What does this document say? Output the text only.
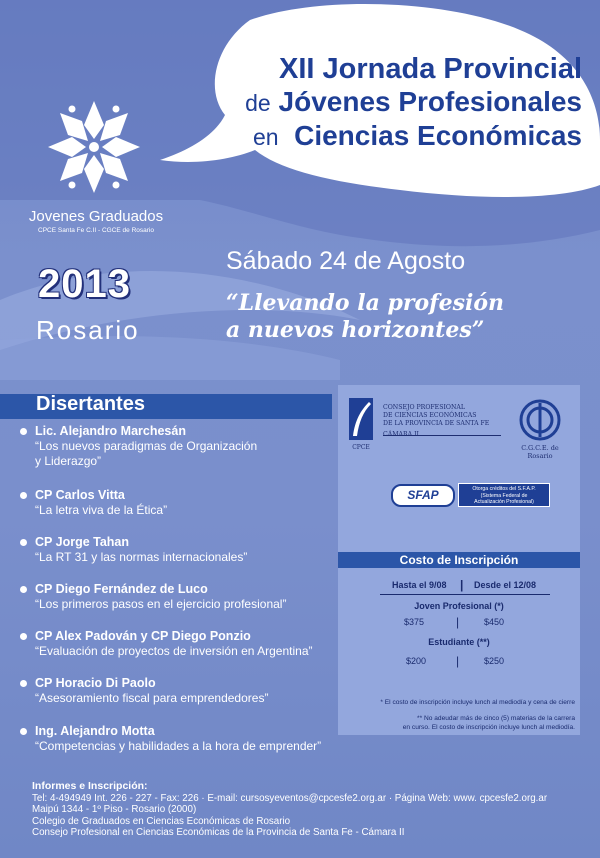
XII Jornada Provincial
de Jóvenes Profesionales
en Ciencias Económicas
Jovenes Graduados
CPCE Santa Fe C.II - CGCE de Rosario
2013
Rosario
Sábado 24 de Agosto
“Llevando la profesión
a nuevos horizontes”
Disertantes
Lic. Alejandro Marchesán
“Los nuevos paradigmas de Organización
y Liderazgo”
CP Carlos Vitta
“La letra viva de la Ética”
CP Jorge Tahan
“La RT 31 y las normas internacionales”
CP Diego Fernández de Luco
“Los primeros pasos en el ejercicio profesional”
CP Alex Padován y CP Diego Ponzio
“Evaluación de proyectos de inversión en Argentina”
CP Horacio Di Paolo
“Asesoramiento fiscal para emprendedores”
Ing. Alejandro Motta
“Competencias y habilidades a la hora de emprender”
CPCE
CONSEJO PROFESIONAL
DE CIENCIAS ECONÓMICAS
DE LA PROVINCIA DE SANTA FE
C.G.C.E. de Rosario
SFAP	Otorga créditos del S.F.A.P.
(Sistema Federal de
Actualización Profesional)
Costo de Inscripción
Hasta el 9/08 | Desde el 12/08
Joven Profesional (*)
$375	|	$450
Estudiante (**)
$200 |	$250
* El costo de inscripción incluye lunch al mediodía y cena de cierre
** No adeudar más de cinco (5) materias de la carrera
en curso. El costo de inscripción incluye lunch al mediodía.
Informes e Inscripción:
Tel: 4-494949 Int. 226 - 227 - Fax: 226 · E-mail: cursosyeventos@cpcesfe2.org.ar · Página Web: www. cpcesfe2.org.ar
Maipú 1344 - 1º Piso - Rosario (2000)
Colegio de Graduados en Ciencias Económicas de Rosario
Consejo Profesional en Ciencias Económicas de la Provincia de Santa Fe - Cámara II
